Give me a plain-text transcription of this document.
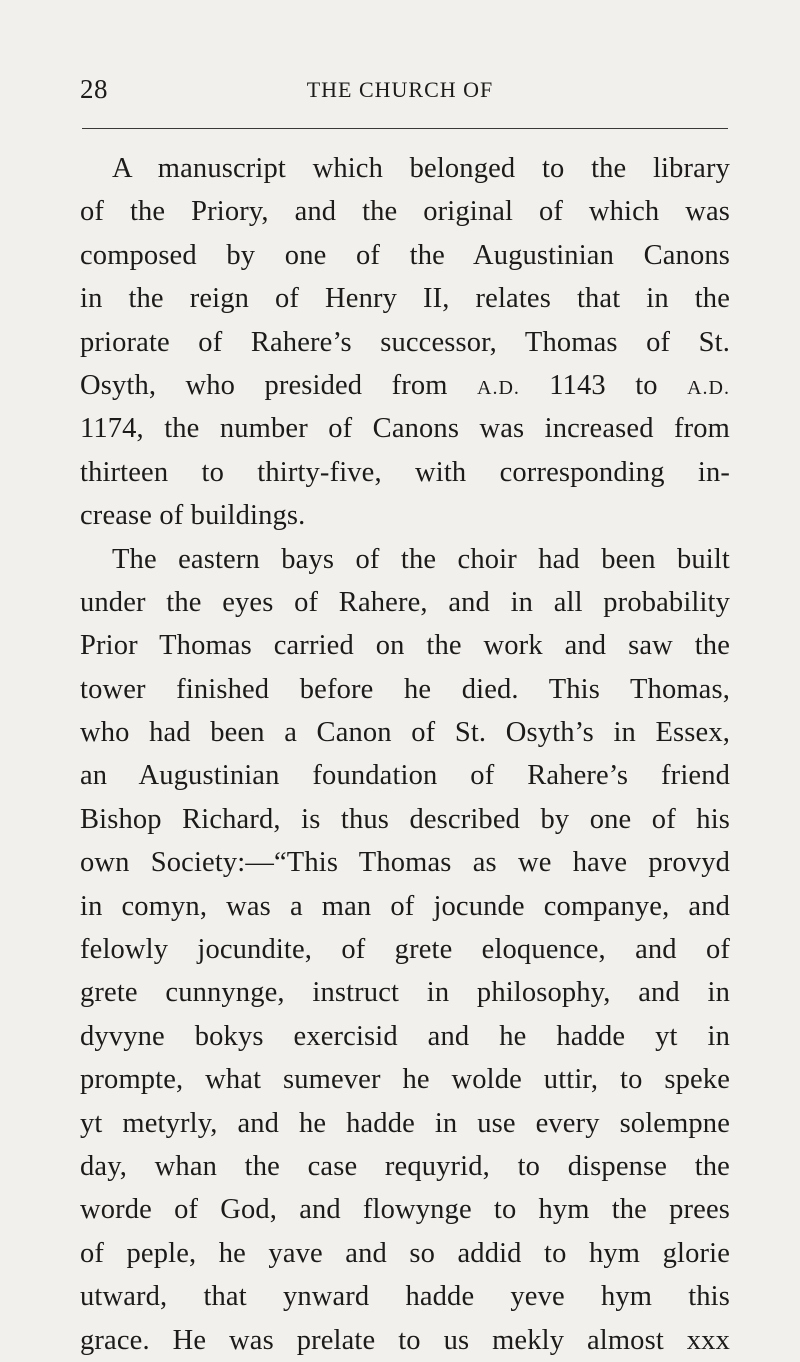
28	THE CHURCH OF
A manuscript which belonged to the library
of the Priory, and the original of which was
composed by one of the Augustinian Canons
in the reign of Henry II, relates that in the
priorate of Rahere’s successor, Thomas of St.
Osyth, who presided from A.D. 1143 to A.D.
1174, the number of Canons was increased from
thirteen to thirty-five, with corresponding in-
crease of buildings.
The eastern bays of the choir had been built
under the eyes of Rahere, and in all probability
Prior Thomas carried on the work and saw the
tower finished before he died. This Thomas,
who had been a Canon of St. Osyth’s in Essex,
an Augustinian foundation of Rahere’s friend
Bishop Richard, is thus described by one of his
own Society:—“This Thomas as we have provyd
in comyn, was a man of jocunde companye, and
felowly jocundite, of grete eloquence, and of
grete cunnynge, instruct in philosophy, and in
dyvyne bokys exercisid and he hadde yt in
prompte, what sumever he wolde uttir, to speke
yt metyrly, and he hadde in use every solempne
day, whan the case requyrid, to dispense the
worde of God, and flowynge to hym the prees
of peple, he yave and so addid to hym glorie
utward, that ynward hadde yeve hym this
grace. He was prelate to us mekly almost xxx
